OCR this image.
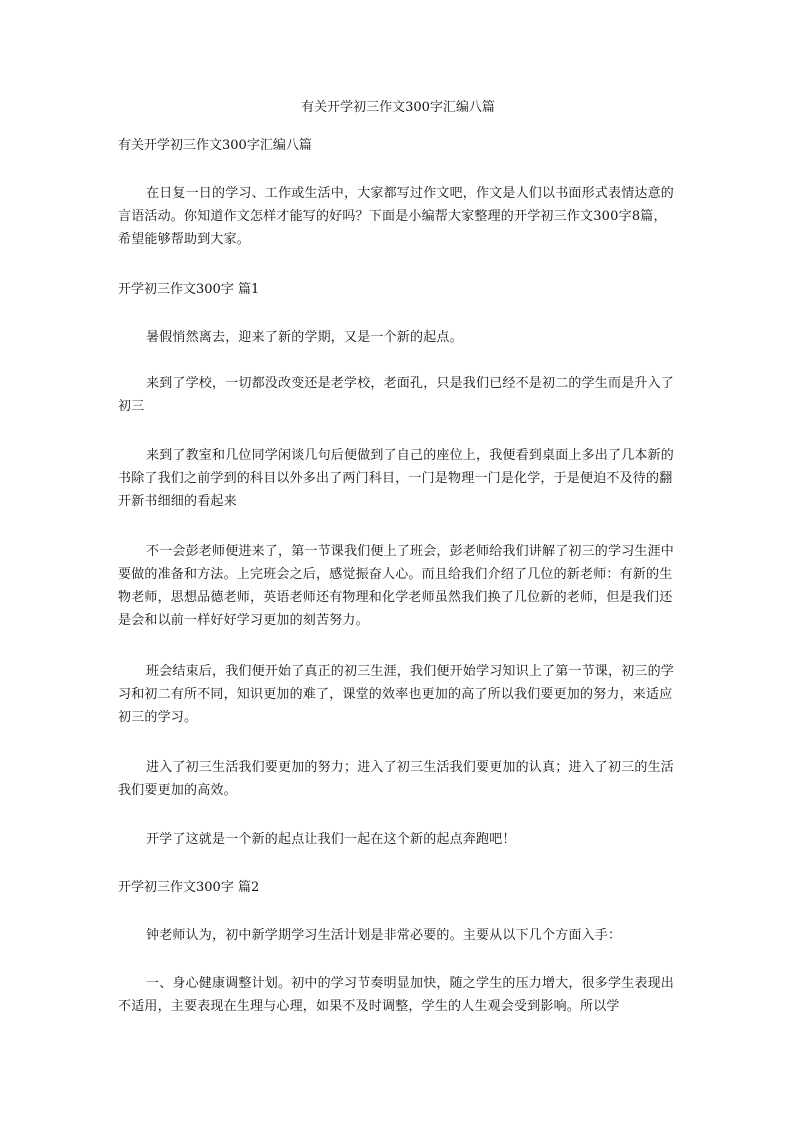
有关开学初三作文300字汇编八篇
有关开学初三作文300字汇编八篇
在日复一日的学习、工作或生活中，大家都写过作文吧，作文是人们以书面形式表情达意的言语活动。你知道作文怎样才能写的好吗？下面是小编帮大家整理的开学初三作文300字8篇，希望能够帮助到大家。
开学初三作文300字 篇1
暑假悄然离去，迎来了新的学期，又是一个新的起点。
来到了学校，一切都没改变还是老学校，老面孔，只是我们已经不是初二的学生而是升入了初三
来到了教室和几位同学闲谈几句后便做到了自己的座位上，我便看到桌面上多出了几本新的书除了我们之前学到的科目以外多出了两门科目，一门是物理一门是化学，于是便迫不及待的翻开新书细细的看起来
不一会彭老师便进来了，第一节课我们便上了班会，彭老师给我们讲解了初三的学习生涯中要做的准备和方法。上完班会之后，感觉振奋人心。而且给我们介绍了几位的新老师：有新的生物老师，思想品德老师，英语老师还有物理和化学老师虽然我们换了几位新的老师，但是我们还是会和以前一样好好学习更加的刻苦努力。
班会结束后，我们便开始了真正的初三生涯，我们便开始学习知识上了第一节课，初三的学习和初二有所不同，知识更加的难了，课堂的效率也更加的高了所以我们要更加的努力，来适应初三的学习。
进入了初三生活我们要更加的努力；进入了初三生活我们要更加的认真；进入了初三的生活我们要更加的高效。
开学了这就是一个新的起点让我们一起在这个新的起点奔跑吧！
开学初三作文300字 篇2
钟老师认为，初中新学期学习生活计划是非常必要的。主要从以下几个方面入手：
一、身心健康调整计划。初中的学习节奏明显加快，随之学生的压力增大，很多学生表现出不适用，主要表现在生理与心理，如果不及时调整，学生的人生观会受到影响。所以学
